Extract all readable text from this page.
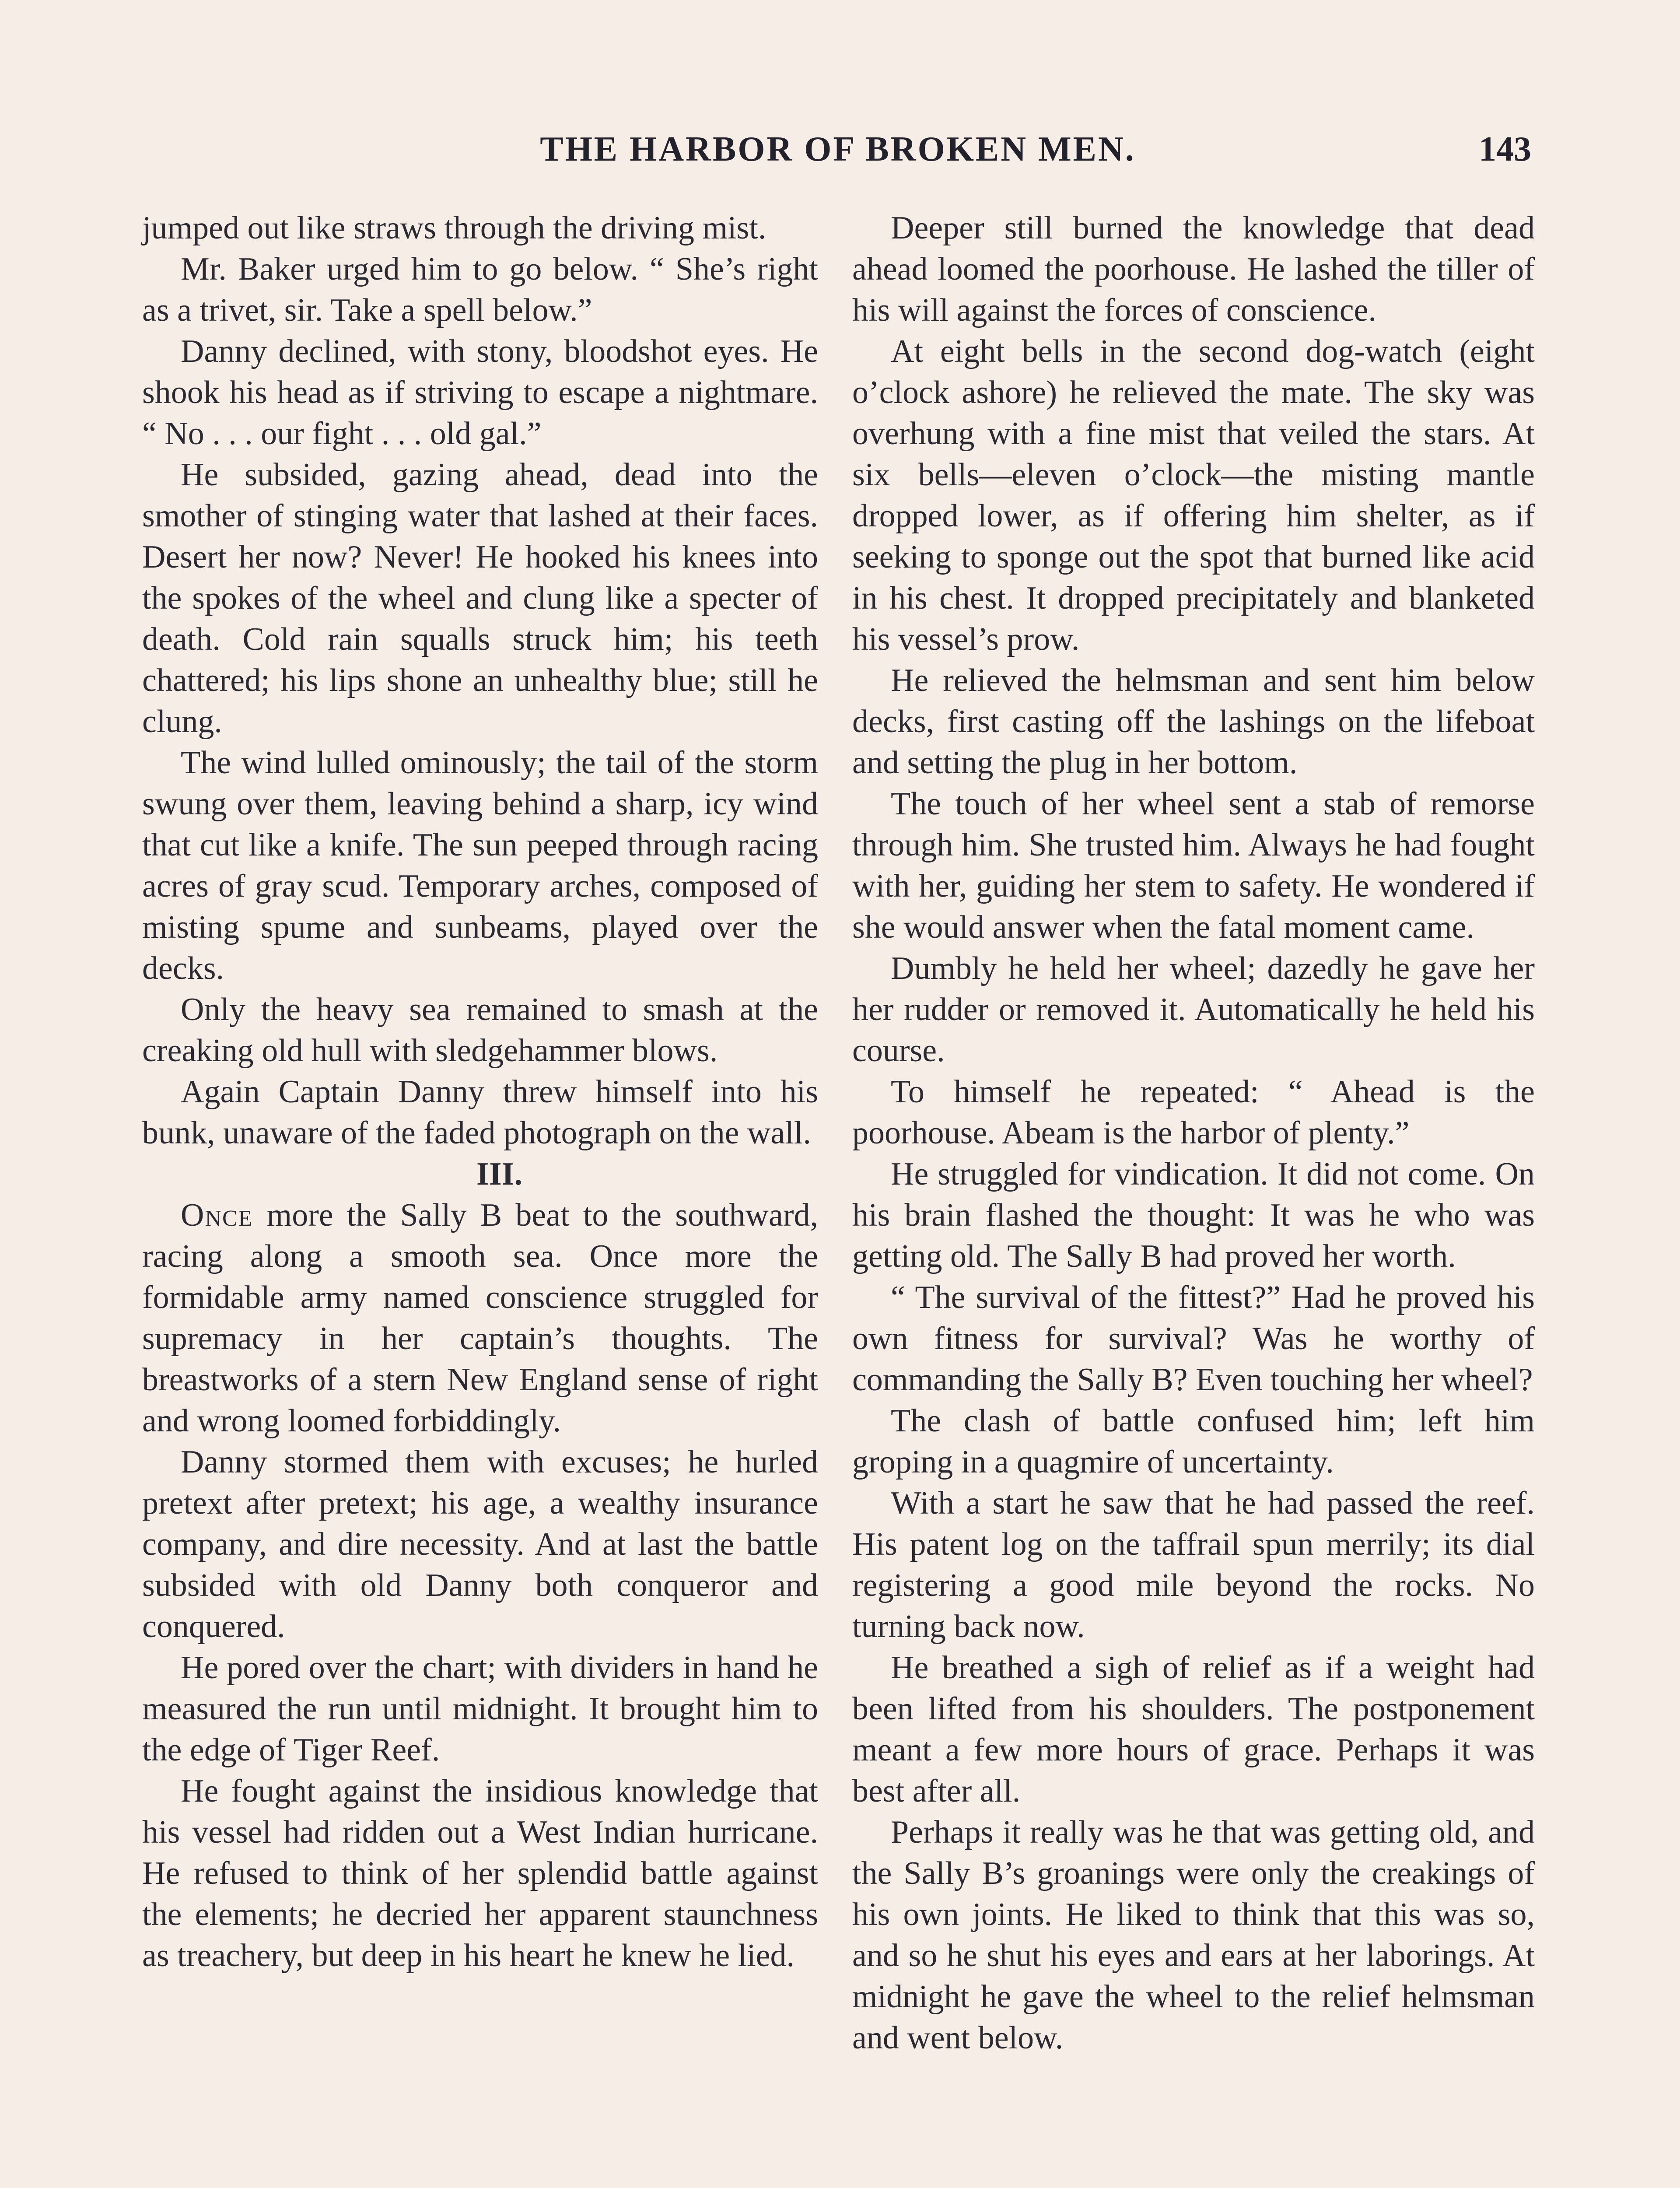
THE HARBOR OF BROKEN MEN.	143

jumped out like straws through the driving mist.

Mr. Baker urged him to go below. “ She’s right as a trivet, sir. Take a spell below.”

Danny declined, with stony, bloodshot eyes. He shook his head as if striving to escape a nightmare. “ No . . . our fight . . . old gal.”

He subsided, gazing ahead, dead into the smother of stinging water that lashed at their faces. Desert her now? Never! He hooked his knees into the spokes of the wheel and clung like a specter of death. Cold rain squalls struck him; his teeth chattered; his lips shone an unhealthy blue; still he clung.

The wind lulled ominously; the tail of the storm swung over them, leaving behind a sharp, icy wind that cut like a knife. The sun peeped through racing acres of gray scud. Temporary arches, composed of misting spume and sunbeams, played over the decks.

Only the heavy sea remained to smash at the creaking old hull with sledgehammer blows.

Again Captain Danny threw himself into his bunk, unaware of the faded photograph on the wall.

III.

Once more the Sally B beat to the southward, racing along a smooth sea. Once more the formidable army named conscience struggled for supremacy in her captain’s thoughts. The breastworks of a stern New England sense of right and wrong loomed forbiddingly.

Danny stormed them with excuses; he hurled pretext after pretext; his age, a wealthy insurance company, and dire necessity. And at last the battle subsided with old Danny both conqueror and conquered.

He pored over the chart; with dividers in hand he measured the run until midnight. It brought him to the edge of Tiger Reef.

He fought against the insidious knowledge that his vessel had ridden out a West Indian hurricane. He refused to think of her splendid battle against the elements; he decried her apparent staunchness as treachery, but deep in his heart he knew he lied.

Deeper still burned the knowledge that dead ahead loomed the poorhouse. He lashed the tiller of his will against the forces of conscience.

At eight bells in the second dog-watch (eight o’clock ashore) he relieved the mate. The sky was overhung with a fine mist that veiled the stars. At six bells—eleven o’clock—the misting mantle dropped lower, as if offering him shelter, as if seeking to sponge out the spot that burned like acid in his chest. It dropped precipitately and blanketed his vessel’s prow.

He relieved the helmsman and sent him below decks, first casting off the lashings on the lifeboat and setting the plug in her bottom.

The touch of her wheel sent a stab of remorse through him. She trusted him. Always he had fought with her, guiding her stem to safety. He wondered if she would answer when the fatal moment came.

Dumbly he held her wheel; dazedly he gave her her rudder or removed it. Automatically he held his course.

To himself he repeated: “ Ahead is the poorhouse. Abeam is the harbor of plenty.”

He struggled for vindication. It did not come. On his brain flashed the thought: It was he who was getting old. The Sally B had proved her worth.

“ The survival of the fittest?” Had he proved his own fitness for survival? Was he worthy of commanding the Sally B? Even touching her wheel?

The clash of battle confused him; left him groping in a quagmire of uncertainty.

With a start he saw that he had passed the reef. His patent log on the taffrail spun merrily; its dial registering a good mile beyond the rocks. No turning back now.

He breathed a sigh of relief as if a weight had been lifted from his shoulders. The postponement meant a few more hours of grace. Perhaps it was best after all.

Perhaps it really was he that was getting old, and the Sally B’s groanings were only the creakings of his own joints. He liked to think that this was so, and so he shut his eyes and ears at her laborings. At midnight he gave the wheel to the relief helmsman and went below.
